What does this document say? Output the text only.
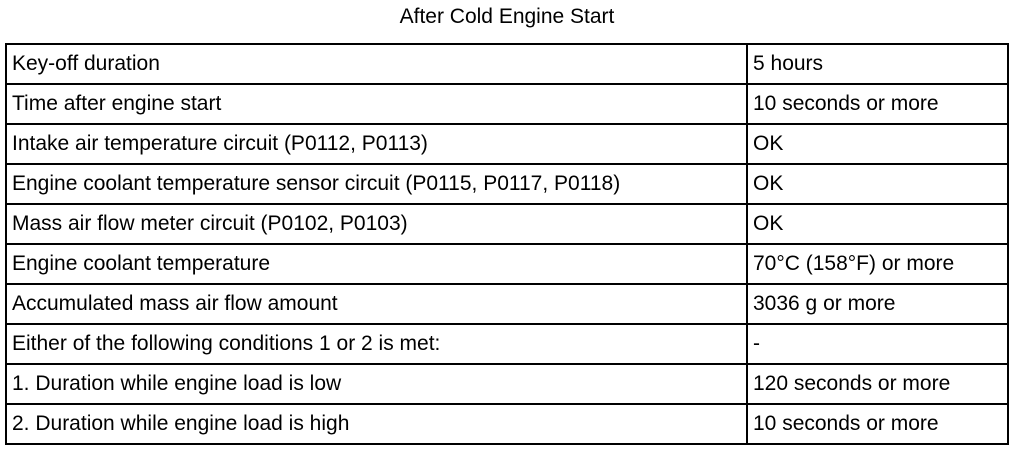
After Cold Engine Start
Key-off duration	5 hours
Time after engine start	10 seconds or more
Intake air temperature circuit (P0112, P0113)	OK
Engine coolant temperature sensor circuit (P0115, P0117, P0118)	OK
Mass air flow meter circuit (P0102, P0103)	OK
Engine coolant temperature	70°C (158°F) or more
Accumulated mass air flow amount	3036 g or more
Either of the following conditions 1 or 2 is met:	-
1. Duration while engine load is low	120 seconds or more
2. Duration while engine load is high	10 seconds or more
